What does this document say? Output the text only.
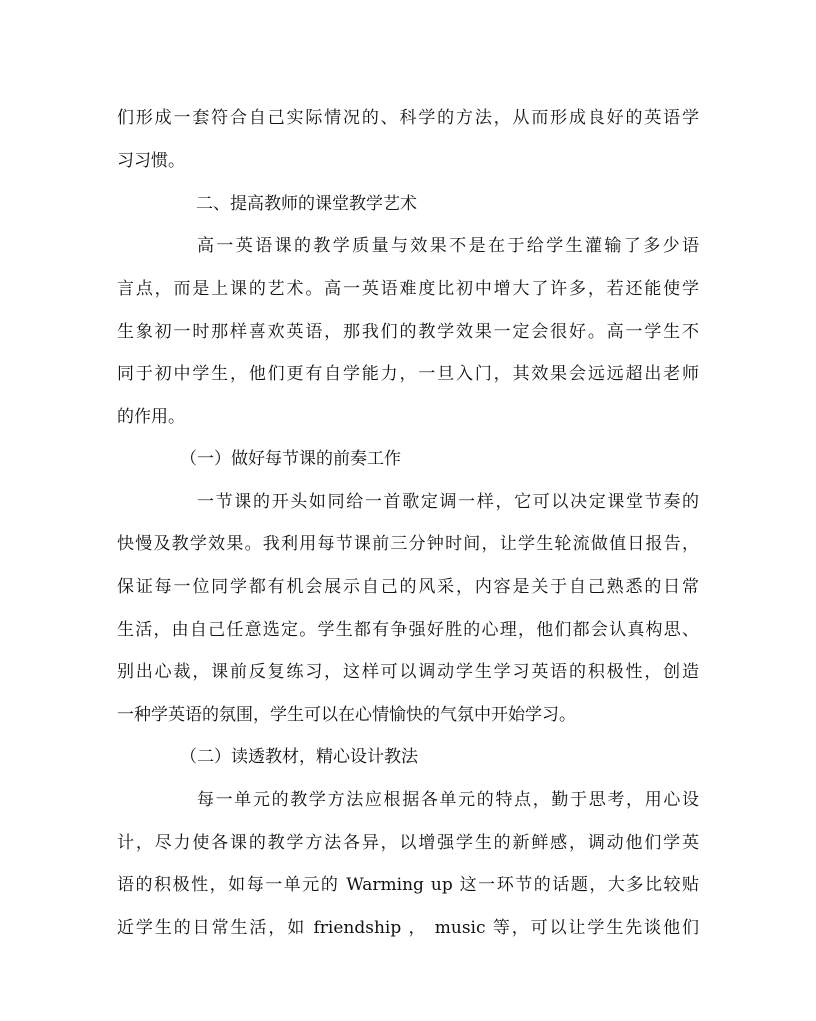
们形成一套符合自己实际情况的、科学的方法，从而形成良好的英语学
习习惯。
二、提高教师的课堂教学艺术
高一英语课的教学质量与效果不是在于给学生灌输了多少语
言点，而是上课的艺术。高一英语难度比初中增大了许多，若还能使学
生象初一时那样喜欢英语，那我们的教学效果一定会很好。高一学生不
同于初中学生，他们更有自学能力，一旦入门，其效果会远远超出老师
的作用。
（一）做好每节课的前奏工作
一节课的开头如同给一首歌定调一样，它可以决定课堂节奏的
快慢及教学效果。我利用每节课前三分钟时间，让学生轮流做值日报告，
保证每一位同学都有机会展示自己的风采，内容是关于自己熟悉的日常
生活，由自己任意选定。学生都有争强好胜的心理，他们都会认真构思、
别出心裁，课前反复练习，这样可以调动学生学习英语的积极性，创造
一种学英语的氛围，学生可以在心情愉快的气氛中开始学习。
（二）读透教材，精心设计教法
每一单元的教学方法应根据各单元的特点，勤于思考，用心设
计，尽力使各课的教学方法各异，以增强学生的新鲜感，调动他们学英
语的积极性，如每一单元的 Warming up 这一环节的话题，大多比较贴
近学生的日常生活，如 friendship ， music 等，可以让学生先谈他们
